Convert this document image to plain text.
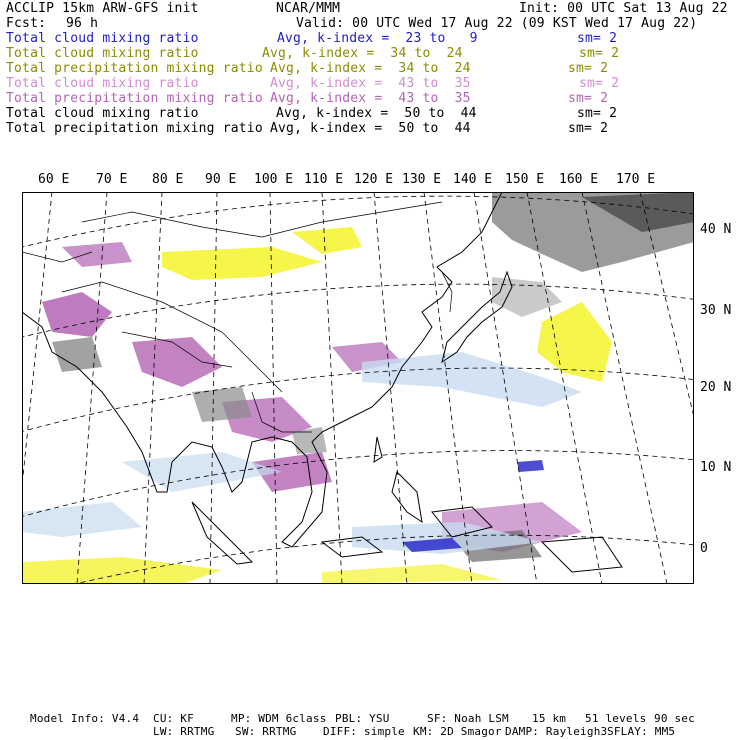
ACCLIP 15km ARW-GFS init	NCAR/MMM	Init: 00 UTC Sat 13 Aug 22
Fcst: 96 h	Valid: 00 UTC Wed 17 Aug 22 (09 KST Wed 17 Aug 22)
Total cloud mixing ratio	Avg, k-index =  23 to   9	sm= 2
Total cloud mixing ratio	Avg, k-index =  34 to  24	sm= 2
Total precipitation mixing ratio Avg, k-index =  34 to  24	sm= 2
Total cloud mixing ratio	Avg, k-index =  43 to  35	sm= 2
Total precipitation mixing ratio Avg, k-index =  43 to  35	sm= 2
Total cloud mixing ratio	Avg, k-index =  50 to  44	sm= 2
Total precipitation mixing ratio Avg, k-index =  50 to  44	sm= 2
60 E 70 E 80 E 90 E 100 E 110 E 120 E 130 E 140 E 150 E 160 E 170 E
40 N
30 N
20 N
10 N
0
Model Info: V4.4 CU: KF	MP: WDM 6class PBL: YSU	SF: Noah LSM 15 km 51 levels 90 sec
LW: RRTMG SW: RRTMG DIFF: simple KM: 2D Smagor DAMP: Rayleigh3 SFLAY: MM5
